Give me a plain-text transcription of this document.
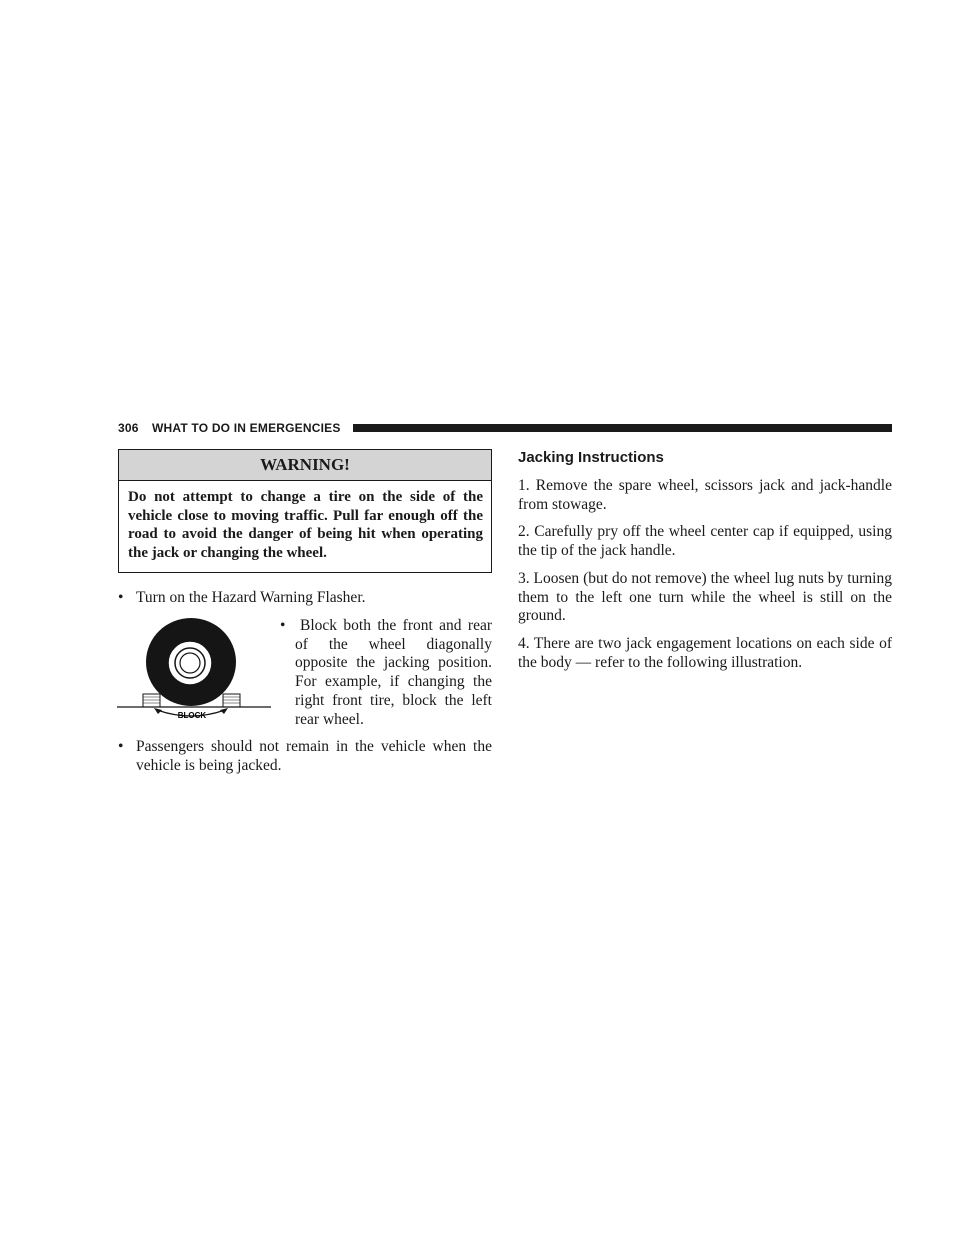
306 WHAT TO DO IN EMERGENCIES
WARNING!
Do not attempt to change a tire on the side of the vehicle close to moving traffic. Pull far enough off the road to avoid the danger of being hit when operating the jack or changing the wheel.
• Turn on the Hazard Warning Flasher.
BLOCK
• Block both the front and rear of the wheel diagonally opposite the jacking position. For example, if changing the right front tire, block the left rear wheel.
• Passengers should not remain in the vehicle when the vehicle is being jacked.
Jacking Instructions
1. Remove the spare wheel, scissors jack and jack-handle from stowage.
2. Carefully pry off the wheel center cap if equipped, using the tip of the jack handle.
3. Loosen (but do not remove) the wheel lug nuts by turning them to the left one turn while the wheel is still on the ground.
4. There are two jack engagement locations on each side of the body — refer to the following illustration.
